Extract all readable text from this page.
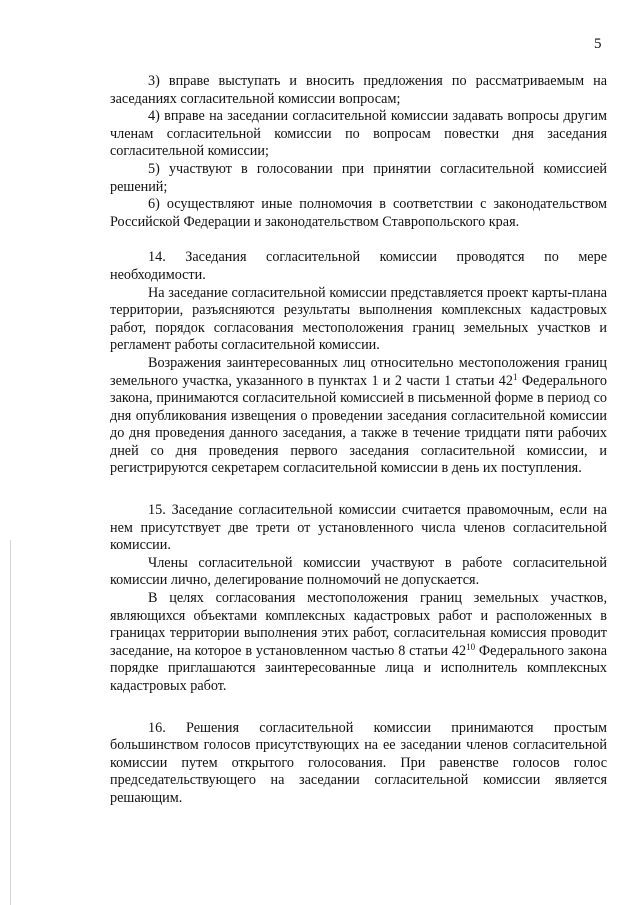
5

3) вправе выступать и вносить предложения по рассматриваемым на заседаниях согласительной комиссии вопросам;

4) вправе на заседании согласительной комиссии задавать вопросы другим членам согласительной комиссии по вопросам повестки дня заседания согласительной комиссии;

5) участвуют в голосовании при принятии согласительной комиссией решений;

6) осуществляют иные полномочия в соответствии с законодательством Российской Федерации и законодательством Ставропольского края.

14. Заседания согласительной комиссии проводятся по мере необходимости.

На заседание согласительной комиссии представляется проект карты-плана территории, разъясняются результаты выполнения комплексных кадастровых работ, порядок согласования местоположения границ земельных участков и регламент работы согласительной комиссии.

Возражения заинтересованных лиц относительно местоположения границ земельного участка, указанного в пунктах 1 и 2 части 1 статьи $42^1$ Федерального закона, принимаются согласительной комиссией в письменной форме в период со дня опубликования извещения о проведении заседания согласительной комиссии до дня проведения данного заседания, а также в течение тридцати пяти рабочих дней со дня проведения первого заседания согласительной комиссии, и регистрируются секретарем согласительной комиссии в день их поступления.

15. Заседание согласительной комиссии считается правомочным, если на нем присутствует две трети от установленного числа членов согласительной комиссии.

Члены согласительной комиссии участвуют в работе согласительной комиссии лично, делегирование полномочий не допускается.

В целях согласования местоположения границ земельных участков, являющихся объектами комплексных кадастровых работ и расположенных в границах территории выполнения этих работ, согласительная комиссия проводит заседание, на которое в установленном частью 8 статьи $42^{10}$ Федерального закона порядке приглашаются заинтересованные лица и исполнитель комплексных кадастровых работ.

16. Решения согласительной комиссии принимаются простым большинством голосов присутствующих на ее заседании членов согласительной комиссии путем открытого голосования. При равенстве голосов голос председательствующего на заседании согласительной комиссии является решающим.
